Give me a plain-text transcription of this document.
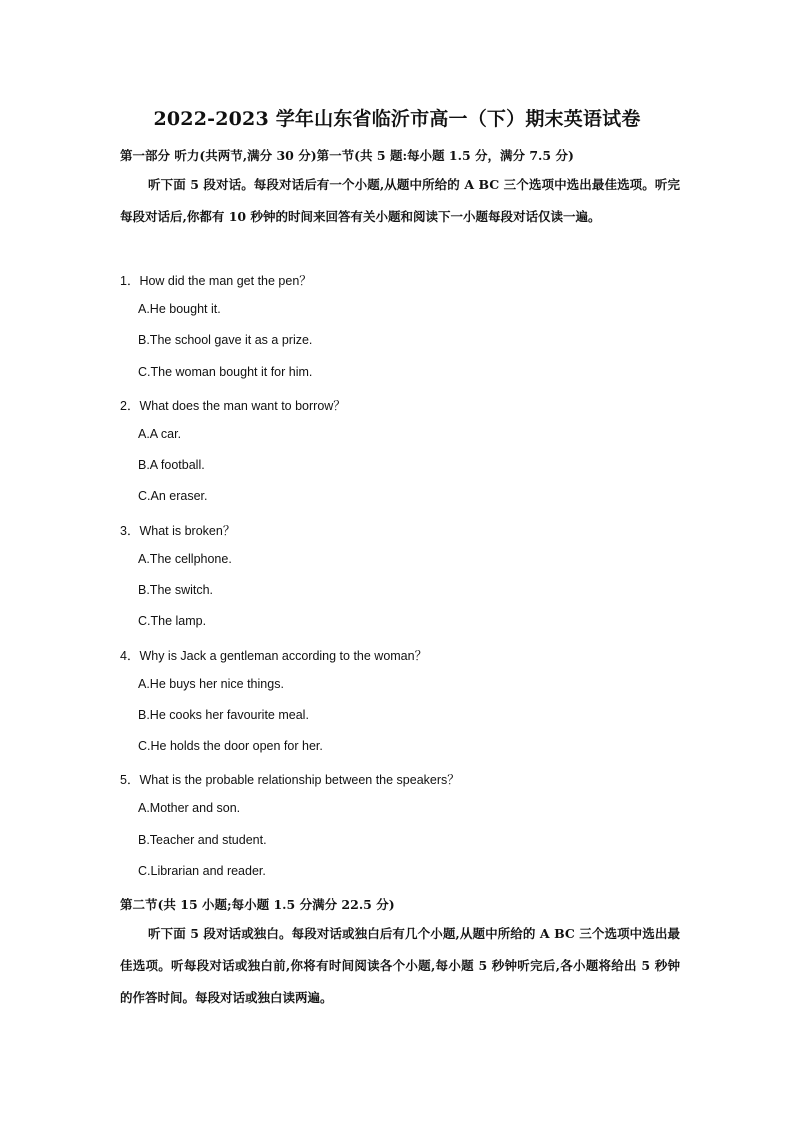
2022-2023 学年山东省临沂市高一（下）期末英语试卷
第一部分 听力(共两节,满分 30 分)第一节(共 5 题:每小题 1.5 分，满分 7.5 分)
听下面 5 段对话。每段对话后有一个小题,从题中所给的 A BC 三个选项中选出最佳选项。听完每段对话后,你都有 10 秒钟的时间来回答有关小题和阅读下一小题每段对话仅读一遍。
1．How did the man get the pen？
A.He bought it.
B.The school gave it as a prize.
C.The woman bought it for him.
2．What does the man want to borrow？
A.A car.
B.A football.
C.An eraser.
3．What is broken？
A.The cellphone.
B.The switch.
C.The lamp.
4．Why is Jack a gentleman according to the woman？
A.He buys her nice things.
B.He cooks her favourite meal.
C.He holds the door open for her.
5．What is the probable relationship between the speakers？
A.Mother and son.
B.Teacher and student.
C.Librarian and reader.
第二节(共 15 小题;每小题 1.5 分满分 22.5 分)
听下面 5 段对话或独白。每段对话或独白后有几个小题,从题中所给的 A BC 三个选项中选出最佳选项。听每段对话或独白前,你将有时间阅读各个小题,每小题 5 秒钟听完后,各小题将给出 5 秒钟的作答时间。每段对话或独白读两遍。
